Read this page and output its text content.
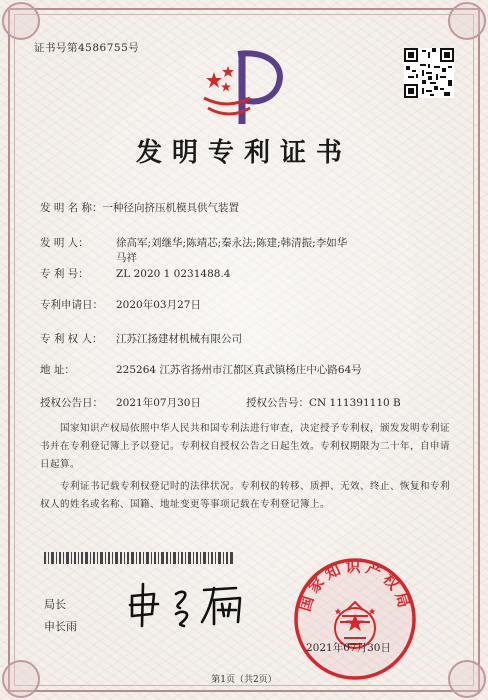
证书号第4586755号
发明专利证书
发 明 名 称：一种径向挤压机模具供气装置
发 明 人：	徐高军;刘继华;陈靖芯;秦永法;陈建;韩清振;李如华
马祥
专 利 号：	ZL 2020 1 0231488.4
专利申请日： 2020年03月27日
专 利 权 人： 江苏江扬建材机械有限公司
地 址：	225264 江苏省扬州市江都区真武镇杨庄中心路64号
授权公告日： 2021年07月30日	授权公告号：CN 111391110 B
国家知识产权局依照中华人民共和国专利法进行审查，决定授予专利权，颁发发明专利证书并在专利登记簿上予以登记。专利权自授权公告之日起生效。专利权期限为二十年，自申请日起算。
专利证书记载专利权登记时的法律状况。专利权的转移、质押、无效、终止、恢复和专利权人的姓名或名称、国籍、地址变更等事项记载在专利登记簿上。
局长
申长雨
国家知识产权局
2021年07月30日
第1页（共2页）
